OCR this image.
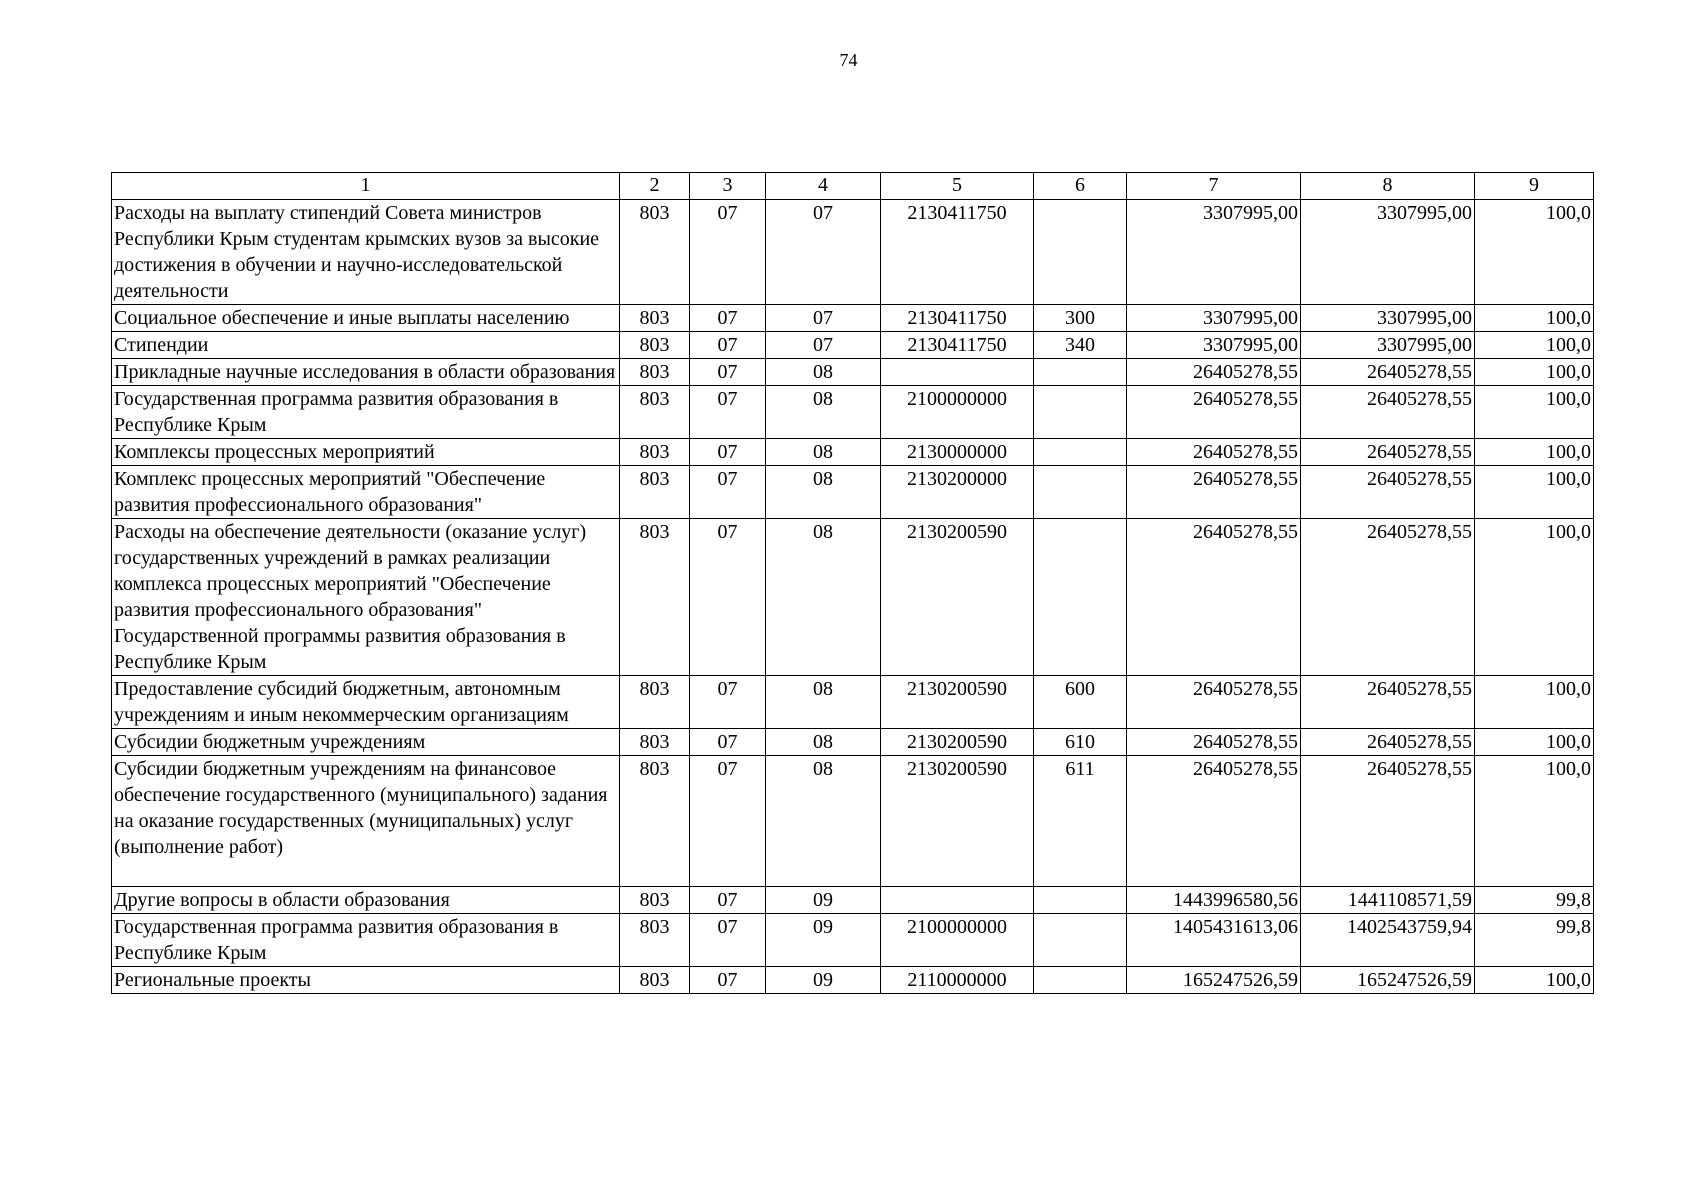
74
1	2	3	4	5	6	7	8	9
Расходы на выплату стипендий Совета министров Республики Крым студентам крымских вузов за высокие достижения в обучении и научно-исследовательской деятельности	803	07	07	2130411750		3307995,00	3307995,00	100,0
Социальное обеспечение и иные выплаты населению	803	07	07	2130411750	300	3307995,00	3307995,00	100,0
Стипендии	803	07	07	2130411750	340	3307995,00	3307995,00	100,0
Прикладные научные исследования в области образования	803	07	08			26405278,55	26405278,55	100,0
Государственная программа развития образования в Республике Крым	803	07	08	2100000000		26405278,55	26405278,55	100,0
Комплексы процессных мероприятий	803	07	08	2130000000		26405278,55	26405278,55	100,0
Комплекс процессных мероприятий "Обеспечение развития профессионального образования"	803	07	08	2130200000		26405278,55	26405278,55	100,0
Расходы на обеспечение деятельности (оказание услуг) государственных учреждений в рамках реализации комплекса процессных мероприятий "Обеспечение развития профессионального образования" Государственной программы развития образования в Республике Крым	803	07	08	2130200590		26405278,55	26405278,55	100,0
Предоставление субсидий бюджетным, автономным учреждениям и иным некоммерческим организациям	803	07	08	2130200590	600	26405278,55	26405278,55	100,0
Субсидии бюджетным учреждениям	803	07	08	2130200590	610	26405278,55	26405278,55	100,0
Субсидии бюджетным учреждениям на финансовое обеспечение государственного (муниципального) задания на оказание государственных (муниципальных) услуг (выполнение работ)	803	07	08	2130200590	611	26405278,55	26405278,55	100,0
Другие вопросы в области образования	803	07	09			1443996580,56	1441108571,59	99,8
Государственная программа развития образования в Республике Крым	803	07	09	2100000000		1405431613,06	1402543759,94	99,8
Региональные проекты	803	07	09	2110000000		165247526,59	165247526,59	100,0
